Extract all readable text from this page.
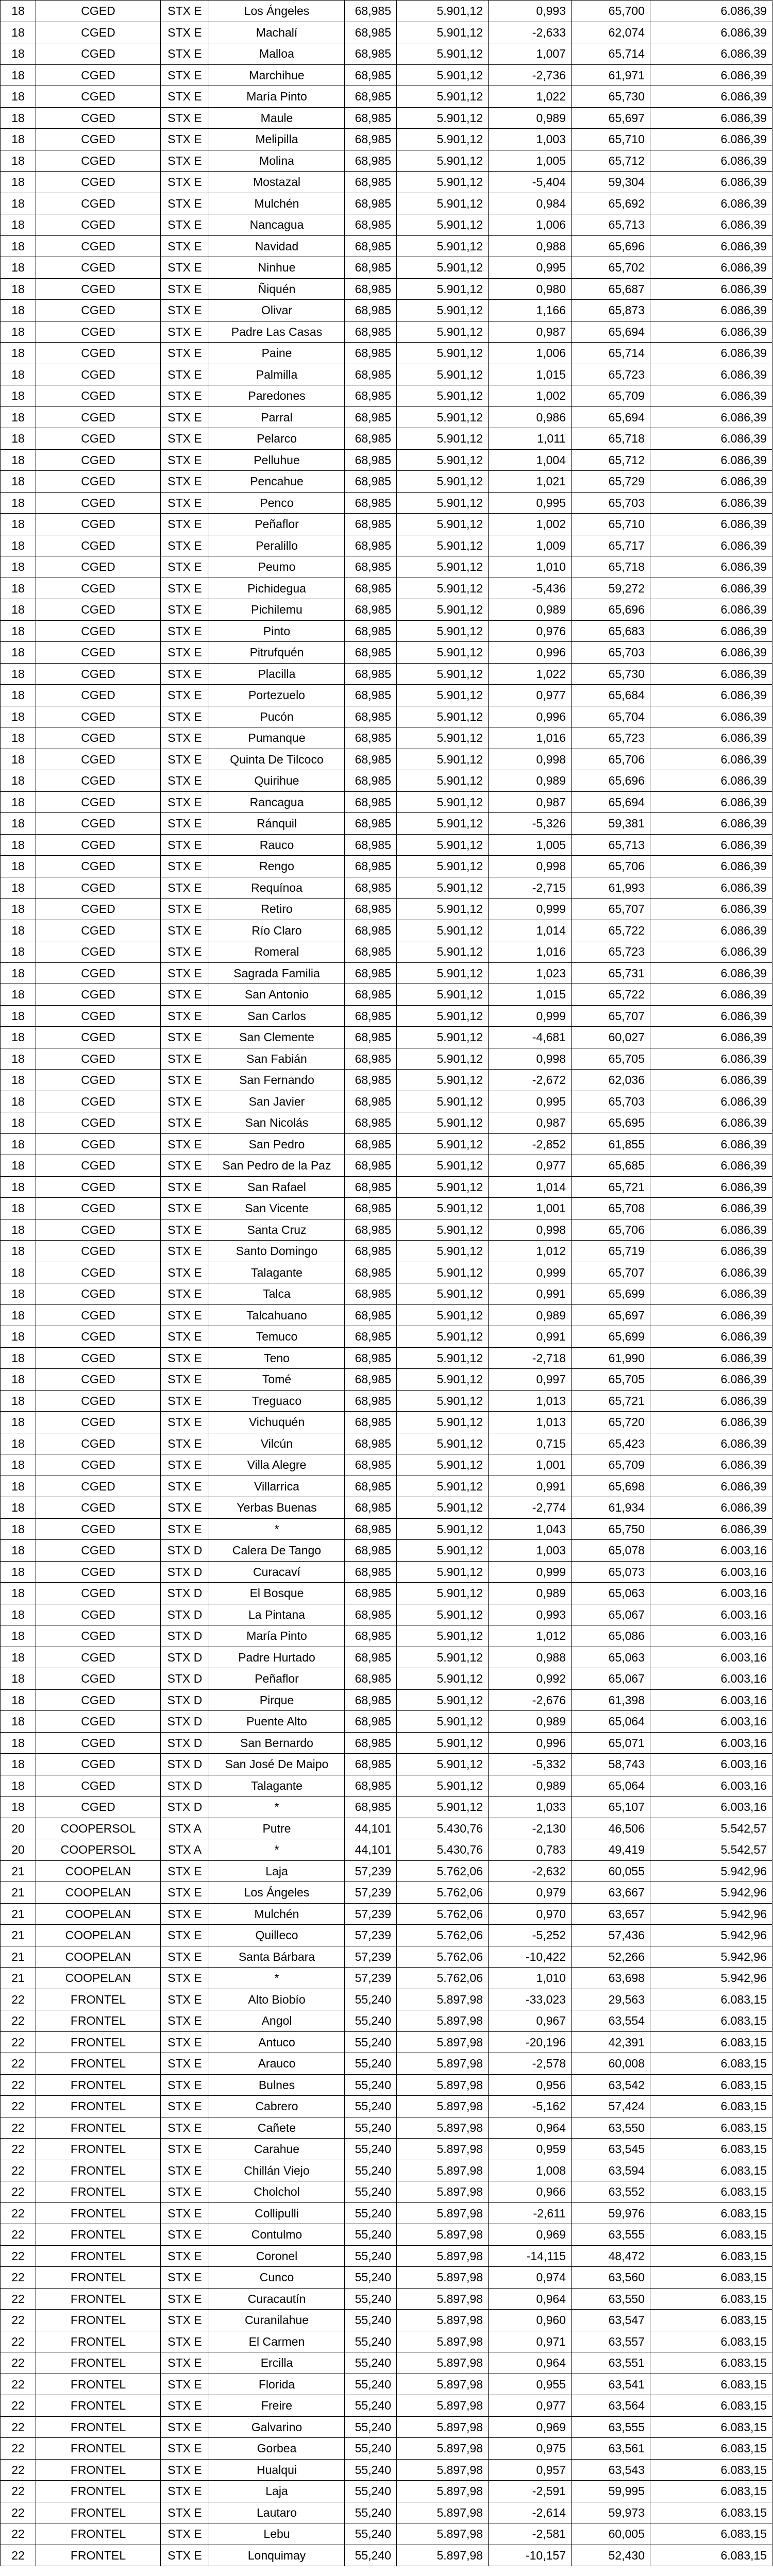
18	CGED	STX E	Los Ángeles	68,985	5.901,12	0,993	65,700	6.086,39
18	CGED	STX E	Machalí	68,985	5.901,12	-2,633	62,074	6.086,39
18	CGED	STX E	Malloa	68,985	5.901,12	1,007	65,714	6.086,39
18	CGED	STX E	Marchihue	68,985	5.901,12	-2,736	61,971	6.086,39
18	CGED	STX E	María Pinto	68,985	5.901,12	1,022	65,730	6.086,39
18	CGED	STX E	Maule	68,985	5.901,12	0,989	65,697	6.086,39
18	CGED	STX E	Melipilla	68,985	5.901,12	1,003	65,710	6.086,39
18	CGED	STX E	Molina	68,985	5.901,12	1,005	65,712	6.086,39
18	CGED	STX E	Mostazal	68,985	5.901,12	-5,404	59,304	6.086,39
18	CGED	STX E	Mulchén	68,985	5.901,12	0,984	65,692	6.086,39
18	CGED	STX E	Nancagua	68,985	5.901,12	1,006	65,713	6.086,39
18	CGED	STX E	Navidad	68,985	5.901,12	0,988	65,696	6.086,39
18	CGED	STX E	Ninhue	68,985	5.901,12	0,995	65,702	6.086,39
18	CGED	STX E	Ñiquén	68,985	5.901,12	0,980	65,687	6.086,39
18	CGED	STX E	Olivar	68,985	5.901,12	1,166	65,873	6.086,39
18	CGED	STX E	Padre Las Casas	68,985	5.901,12	0,987	65,694	6.086,39
18	CGED	STX E	Paine	68,985	5.901,12	1,006	65,714	6.086,39
18	CGED	STX E	Palmilla	68,985	5.901,12	1,015	65,723	6.086,39
18	CGED	STX E	Paredones	68,985	5.901,12	1,002	65,709	6.086,39
18	CGED	STX E	Parral	68,985	5.901,12	0,986	65,694	6.086,39
18	CGED	STX E	Pelarco	68,985	5.901,12	1,011	65,718	6.086,39
18	CGED	STX E	Pelluhue	68,985	5.901,12	1,004	65,712	6.086,39
18	CGED	STX E	Pencahue	68,985	5.901,12	1,021	65,729	6.086,39
18	CGED	STX E	Penco	68,985	5.901,12	0,995	65,703	6.086,39
18	CGED	STX E	Peñaflor	68,985	5.901,12	1,002	65,710	6.086,39
18	CGED	STX E	Peralillo	68,985	5.901,12	1,009	65,717	6.086,39
18	CGED	STX E	Peumo	68,985	5.901,12	1,010	65,718	6.086,39
18	CGED	STX E	Pichidegua	68,985	5.901,12	-5,436	59,272	6.086,39
18	CGED	STX E	Pichilemu	68,985	5.901,12	0,989	65,696	6.086,39
18	CGED	STX E	Pinto	68,985	5.901,12	0,976	65,683	6.086,39
18	CGED	STX E	Pitrufquén	68,985	5.901,12	0,996	65,703	6.086,39
18	CGED	STX E	Placilla	68,985	5.901,12	1,022	65,730	6.086,39
18	CGED	STX E	Portezuelo	68,985	5.901,12	0,977	65,684	6.086,39
18	CGED	STX E	Pucón	68,985	5.901,12	0,996	65,704	6.086,39
18	CGED	STX E	Pumanque	68,985	5.901,12	1,016	65,723	6.086,39
18	CGED	STX E	Quinta De Tilcoco	68,985	5.901,12	0,998	65,706	6.086,39
18	CGED	STX E	Quirihue	68,985	5.901,12	0,989	65,696	6.086,39
18	CGED	STX E	Rancagua	68,985	5.901,12	0,987	65,694	6.086,39
18	CGED	STX E	Ránquil	68,985	5.901,12	-5,326	59,381	6.086,39
18	CGED	STX E	Rauco	68,985	5.901,12	1,005	65,713	6.086,39
18	CGED	STX E	Rengo	68,985	5.901,12	0,998	65,706	6.086,39
18	CGED	STX E	Requínoa	68,985	5.901,12	-2,715	61,993	6.086,39
18	CGED	STX E	Retiro	68,985	5.901,12	0,999	65,707	6.086,39
18	CGED	STX E	Río Claro	68,985	5.901,12	1,014	65,722	6.086,39
18	CGED	STX E	Romeral	68,985	5.901,12	1,016	65,723	6.086,39
18	CGED	STX E	Sagrada Familia	68,985	5.901,12	1,023	65,731	6.086,39
18	CGED	STX E	San Antonio	68,985	5.901,12	1,015	65,722	6.086,39
18	CGED	STX E	San Carlos	68,985	5.901,12	0,999	65,707	6.086,39
18	CGED	STX E	San Clemente	68,985	5.901,12	-4,681	60,027	6.086,39
18	CGED	STX E	San Fabián	68,985	5.901,12	0,998	65,705	6.086,39
18	CGED	STX E	San Fernando	68,985	5.901,12	-2,672	62,036	6.086,39
18	CGED	STX E	San Javier	68,985	5.901,12	0,995	65,703	6.086,39
18	CGED	STX E	San Nicolás	68,985	5.901,12	0,987	65,695	6.086,39
18	CGED	STX E	San Pedro	68,985	5.901,12	-2,852	61,855	6.086,39
18	CGED	STX E	San Pedro de la Paz	68,985	5.901,12	0,977	65,685	6.086,39
18	CGED	STX E	San Rafael	68,985	5.901,12	1,014	65,721	6.086,39
18	CGED	STX E	San Vicente	68,985	5.901,12	1,001	65,708	6.086,39
18	CGED	STX E	Santa Cruz	68,985	5.901,12	0,998	65,706	6.086,39
18	CGED	STX E	Santo Domingo	68,985	5.901,12	1,012	65,719	6.086,39
18	CGED	STX E	Talagante	68,985	5.901,12	0,999	65,707	6.086,39
18	CGED	STX E	Talca	68,985	5.901,12	0,991	65,699	6.086,39
18	CGED	STX E	Talcahuano	68,985	5.901,12	0,989	65,697	6.086,39
18	CGED	STX E	Temuco	68,985	5.901,12	0,991	65,699	6.086,39
18	CGED	STX E	Teno	68,985	5.901,12	-2,718	61,990	6.086,39
18	CGED	STX E	Tomé	68,985	5.901,12	0,997	65,705	6.086,39
18	CGED	STX E	Treguaco	68,985	5.901,12	1,013	65,721	6.086,39
18	CGED	STX E	Vichuquén	68,985	5.901,12	1,013	65,720	6.086,39
18	CGED	STX E	Vilcún	68,985	5.901,12	0,715	65,423	6.086,39
18	CGED	STX E	Villa Alegre	68,985	5.901,12	1,001	65,709	6.086,39
18	CGED	STX E	Villarrica	68,985	5.901,12	0,991	65,698	6.086,39
18	CGED	STX E	Yerbas Buenas	68,985	5.901,12	-2,774	61,934	6.086,39
18	CGED	STX E	*	68,985	5.901,12	1,043	65,750	6.086,39
18	CGED	STX D	Calera De Tango	68,985	5.901,12	1,003	65,078	6.003,16
18	CGED	STX D	Curacaví	68,985	5.901,12	0,999	65,073	6.003,16
18	CGED	STX D	El Bosque	68,985	5.901,12	0,989	65,063	6.003,16
18	CGED	STX D	La Pintana	68,985	5.901,12	0,993	65,067	6.003,16
18	CGED	STX D	María Pinto	68,985	5.901,12	1,012	65,086	6.003,16
18	CGED	STX D	Padre Hurtado	68,985	5.901,12	0,988	65,063	6.003,16
18	CGED	STX D	Peñaflor	68,985	5.901,12	0,992	65,067	6.003,16
18	CGED	STX D	Pirque	68,985	5.901,12	-2,676	61,398	6.003,16
18	CGED	STX D	Puente Alto	68,985	5.901,12	0,989	65,064	6.003,16
18	CGED	STX D	San Bernardo	68,985	5.901,12	0,996	65,071	6.003,16
18	CGED	STX D	San José De Maipo	68,985	5.901,12	-5,332	58,743	6.003,16
18	CGED	STX D	Talagante	68,985	5.901,12	0,989	65,064	6.003,16
18	CGED	STX D	*	68,985	5.901,12	1,033	65,107	6.003,16
20	COOPERSOL	STX A	Putre	44,101	5.430,76	-2,130	46,506	5.542,57
20	COOPERSOL	STX A	*	44,101	5.430,76	0,783	49,419	5.542,57
21	COOPELAN	STX E	Laja	57,239	5.762,06	-2,632	60,055	5.942,96
21	COOPELAN	STX E	Los Ángeles	57,239	5.762,06	0,979	63,667	5.942,96
21	COOPELAN	STX E	Mulchén	57,239	5.762,06	0,970	63,657	5.942,96
21	COOPELAN	STX E	Quilleco	57,239	5.762,06	-5,252	57,436	5.942,96
21	COOPELAN	STX E	Santa Bárbara	57,239	5.762,06	-10,422	52,266	5.942,96
21	COOPELAN	STX E	*	57,239	5.762,06	1,010	63,698	5.942,96
22	FRONTEL	STX E	Alto Biobío	55,240	5.897,98	-33,023	29,563	6.083,15
22	FRONTEL	STX E	Angol	55,240	5.897,98	0,967	63,554	6.083,15
22	FRONTEL	STX E	Antuco	55,240	5.897,98	-20,196	42,391	6.083,15
22	FRONTEL	STX E	Arauco	55,240	5.897,98	-2,578	60,008	6.083,15
22	FRONTEL	STX E	Bulnes	55,240	5.897,98	0,956	63,542	6.083,15
22	FRONTEL	STX E	Cabrero	55,240	5.897,98	-5,162	57,424	6.083,15
22	FRONTEL	STX E	Cañete	55,240	5.897,98	0,964	63,550	6.083,15
22	FRONTEL	STX E	Carahue	55,240	5.897,98	0,959	63,545	6.083,15
22	FRONTEL	STX E	Chillán Viejo	55,240	5.897,98	1,008	63,594	6.083,15
22	FRONTEL	STX E	Cholchol	55,240	5.897,98	0,966	63,552	6.083,15
22	FRONTEL	STX E	Collipulli	55,240	5.897,98	-2,611	59,976	6.083,15
22	FRONTEL	STX E	Contulmo	55,240	5.897,98	0,969	63,555	6.083,15
22	FRONTEL	STX E	Coronel	55,240	5.897,98	-14,115	48,472	6.083,15
22	FRONTEL	STX E	Cunco	55,240	5.897,98	0,974	63,560	6.083,15
22	FRONTEL	STX E	Curacautín	55,240	5.897,98	0,964	63,550	6.083,15
22	FRONTEL	STX E	Curanilahue	55,240	5.897,98	0,960	63,547	6.083,15
22	FRONTEL	STX E	El Carmen	55,240	5.897,98	0,971	63,557	6.083,15
22	FRONTEL	STX E	Ercilla	55,240	5.897,98	0,964	63,551	6.083,15
22	FRONTEL	STX E	Florida	55,240	5.897,98	0,955	63,541	6.083,15
22	FRONTEL	STX E	Freire	55,240	5.897,98	0,977	63,564	6.083,15
22	FRONTEL	STX E	Galvarino	55,240	5.897,98	0,969	63,555	6.083,15
22	FRONTEL	STX E	Gorbea	55,240	5.897,98	0,975	63,561	6.083,15
22	FRONTEL	STX E	Hualqui	55,240	5.897,98	0,957	63,543	6.083,15
22	FRONTEL	STX E	Laja	55,240	5.897,98	-2,591	59,995	6.083,15
22	FRONTEL	STX E	Lautaro	55,240	5.897,98	-2,614	59,973	6.083,15
22	FRONTEL	STX E	Lebu	55,240	5.897,98	-2,581	60,005	6.083,15
22	FRONTEL	STX E	Lonquimay	55,240	5.897,98	-10,157	52,430	6.083,15
